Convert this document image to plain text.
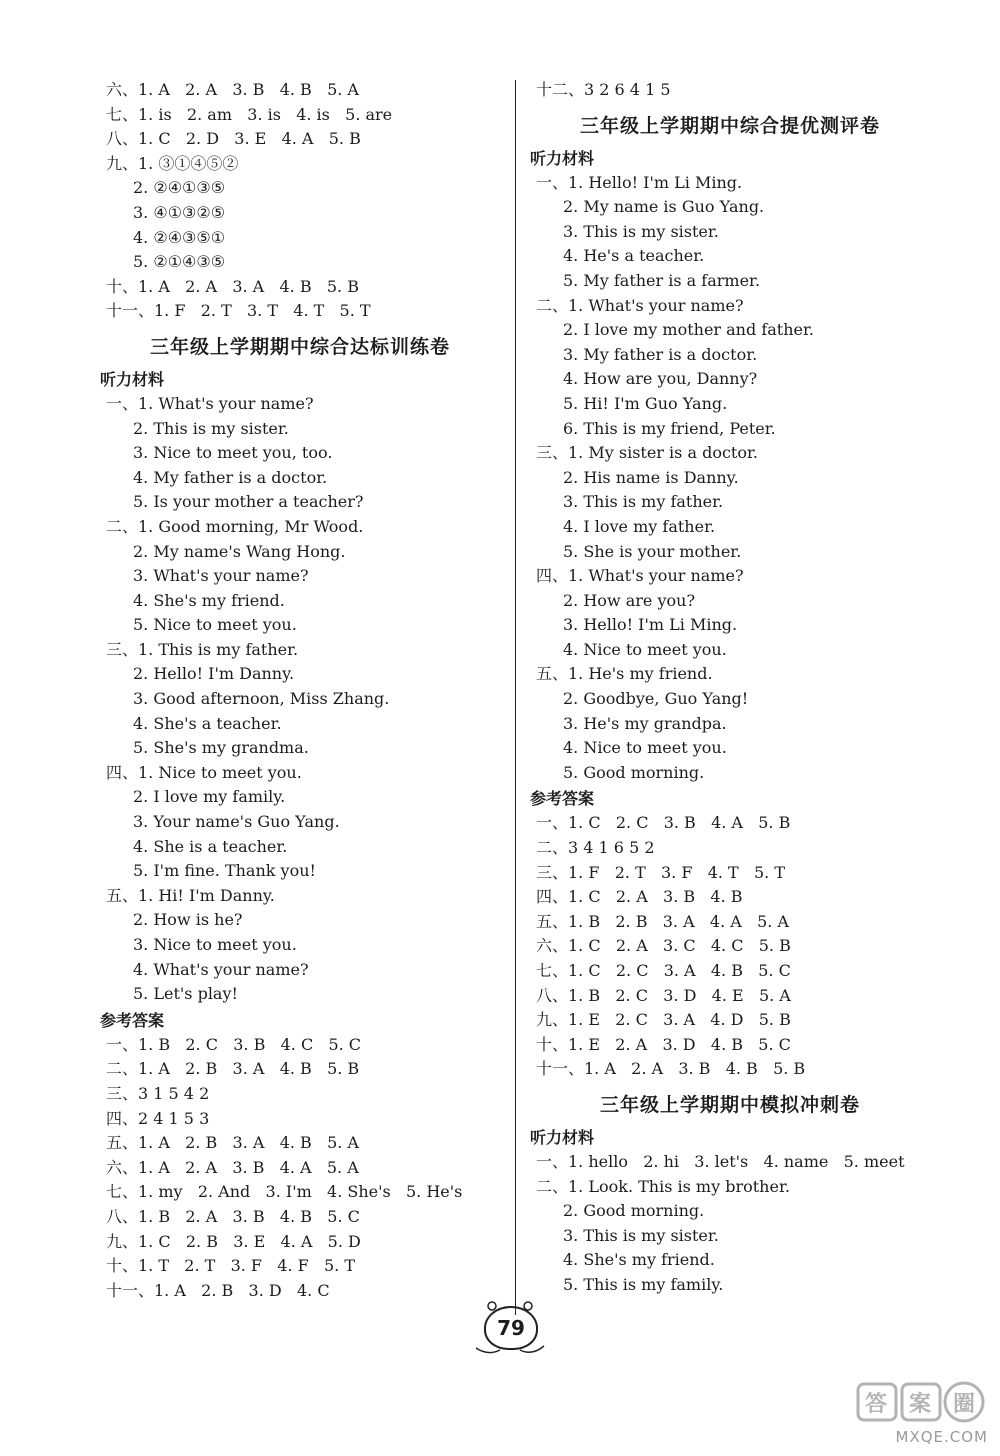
六、1. A   2. A   3. B   4. B   5. A
七、1. is   2. am   3. is   4. is   5. are
八、1. C   2. D   3. E   4. A   5. B
九、1. ③①④⑤②
2. ②④①③⑤
3. ④①③②⑤
4. ②④③⑤①
5. ②①④③⑤
十、1. A   2. A   3. A   4. B   5. B
十一、1. F   2. T   3. T   4. T   5. T
三年级上学期期中综合达标训练卷
听力材料
一、1. What's your name?
2. This is my sister.
3. Nice to meet you, too.
4. My father is a doctor.
5. Is your mother a teacher?
二、1. Good morning, Mr Wood.
2. My name's Wang Hong.
3. What's your name?
4. She's my friend.
5. Nice to meet you.
三、1. This is my father.
2. Hello! I'm Danny.
3. Good afternoon, Miss Zhang.
4. She's a teacher.
5. She's my grandma.
四、1. Nice to meet you.
2. I love my family.
3. Your name's Guo Yang.
4. She is a teacher.
5. I'm fine. Thank you!
五、1. Hi! I'm Danny.
2. How is he?
3. Nice to meet you.
4. What's your name?
5. Let's play!
参考答案
一、1. B   2. C   3. B   4. C   5. C
二、1. A   2. B   3. A   4. B   5. B
三、3 1 5 4 2
四、2 4 1 5 3
五、1. A   2. B   3. A   4. B   5. A
六、1. A   2. A   3. B   4. A   5. A
七、1. my   2. And   3. I'm   4. She's   5. He's
八、1. B   2. A   3. B   4. B   5. C
九、1. C   2. B   3. E   4. A   5. D
十、1. T   2. T   3. F   4. F   5. T
十一、1. A   2. B   3. D   4. C
十二、3 2 6 4 1 5
三年级上学期期中综合提优测评卷
听力材料
一、1. Hello! I'm Li Ming.
2. My name is Guo Yang.
3. This is my sister.
4. He's a teacher.
5. My father is a farmer.
二、1. What's your name?
2. I love my mother and father.
3. My father is a doctor.
4. How are you, Danny?
5. Hi! I'm Guo Yang.
6. This is my friend, Peter.
三、1. My sister is a doctor.
2. His name is Danny.
3. This is my father.
4. I love my father.
5. She is your mother.
四、1. What's your name?
2. How are you?
3. Hello! I'm Li Ming.
4. Nice to meet you.
五、1. He's my friend.
2. Goodbye, Guo Yang!
3. He's my grandpa.
4. Nice to meet you.
5. Good morning.
参考答案
一、1. C   2. C   3. B   4. A   5. B
二、3 4 1 6 5 2
三、1. F   2. T   3. F   4. T   5. T
四、1. C   2. A   3. B   4. B
五、1. B   2. B   3. A   4. A   5. A
六、1. C   2. A   3. C   4. C   5. B
七、1. C   2. C   3. A   4. B   5. C
八、1. B   2. C   3. D   4. E   5. A
九、1. E   2. C   3. A   4. D   5. B
十、1. E   2. A   3. D   4. B   5. C
十一、1. A   2. A   3. B   4. B   5. B
三年级上学期期中模拟冲刺卷
听力材料
一、1. hello   2. hi   3. let's   4. name   5. meet
二、1. Look. This is my brother.
2. Good morning.
3. This is my sister.
4. She's my friend.
5. This is my family.
79
答 案 圈
MXQE.COM
